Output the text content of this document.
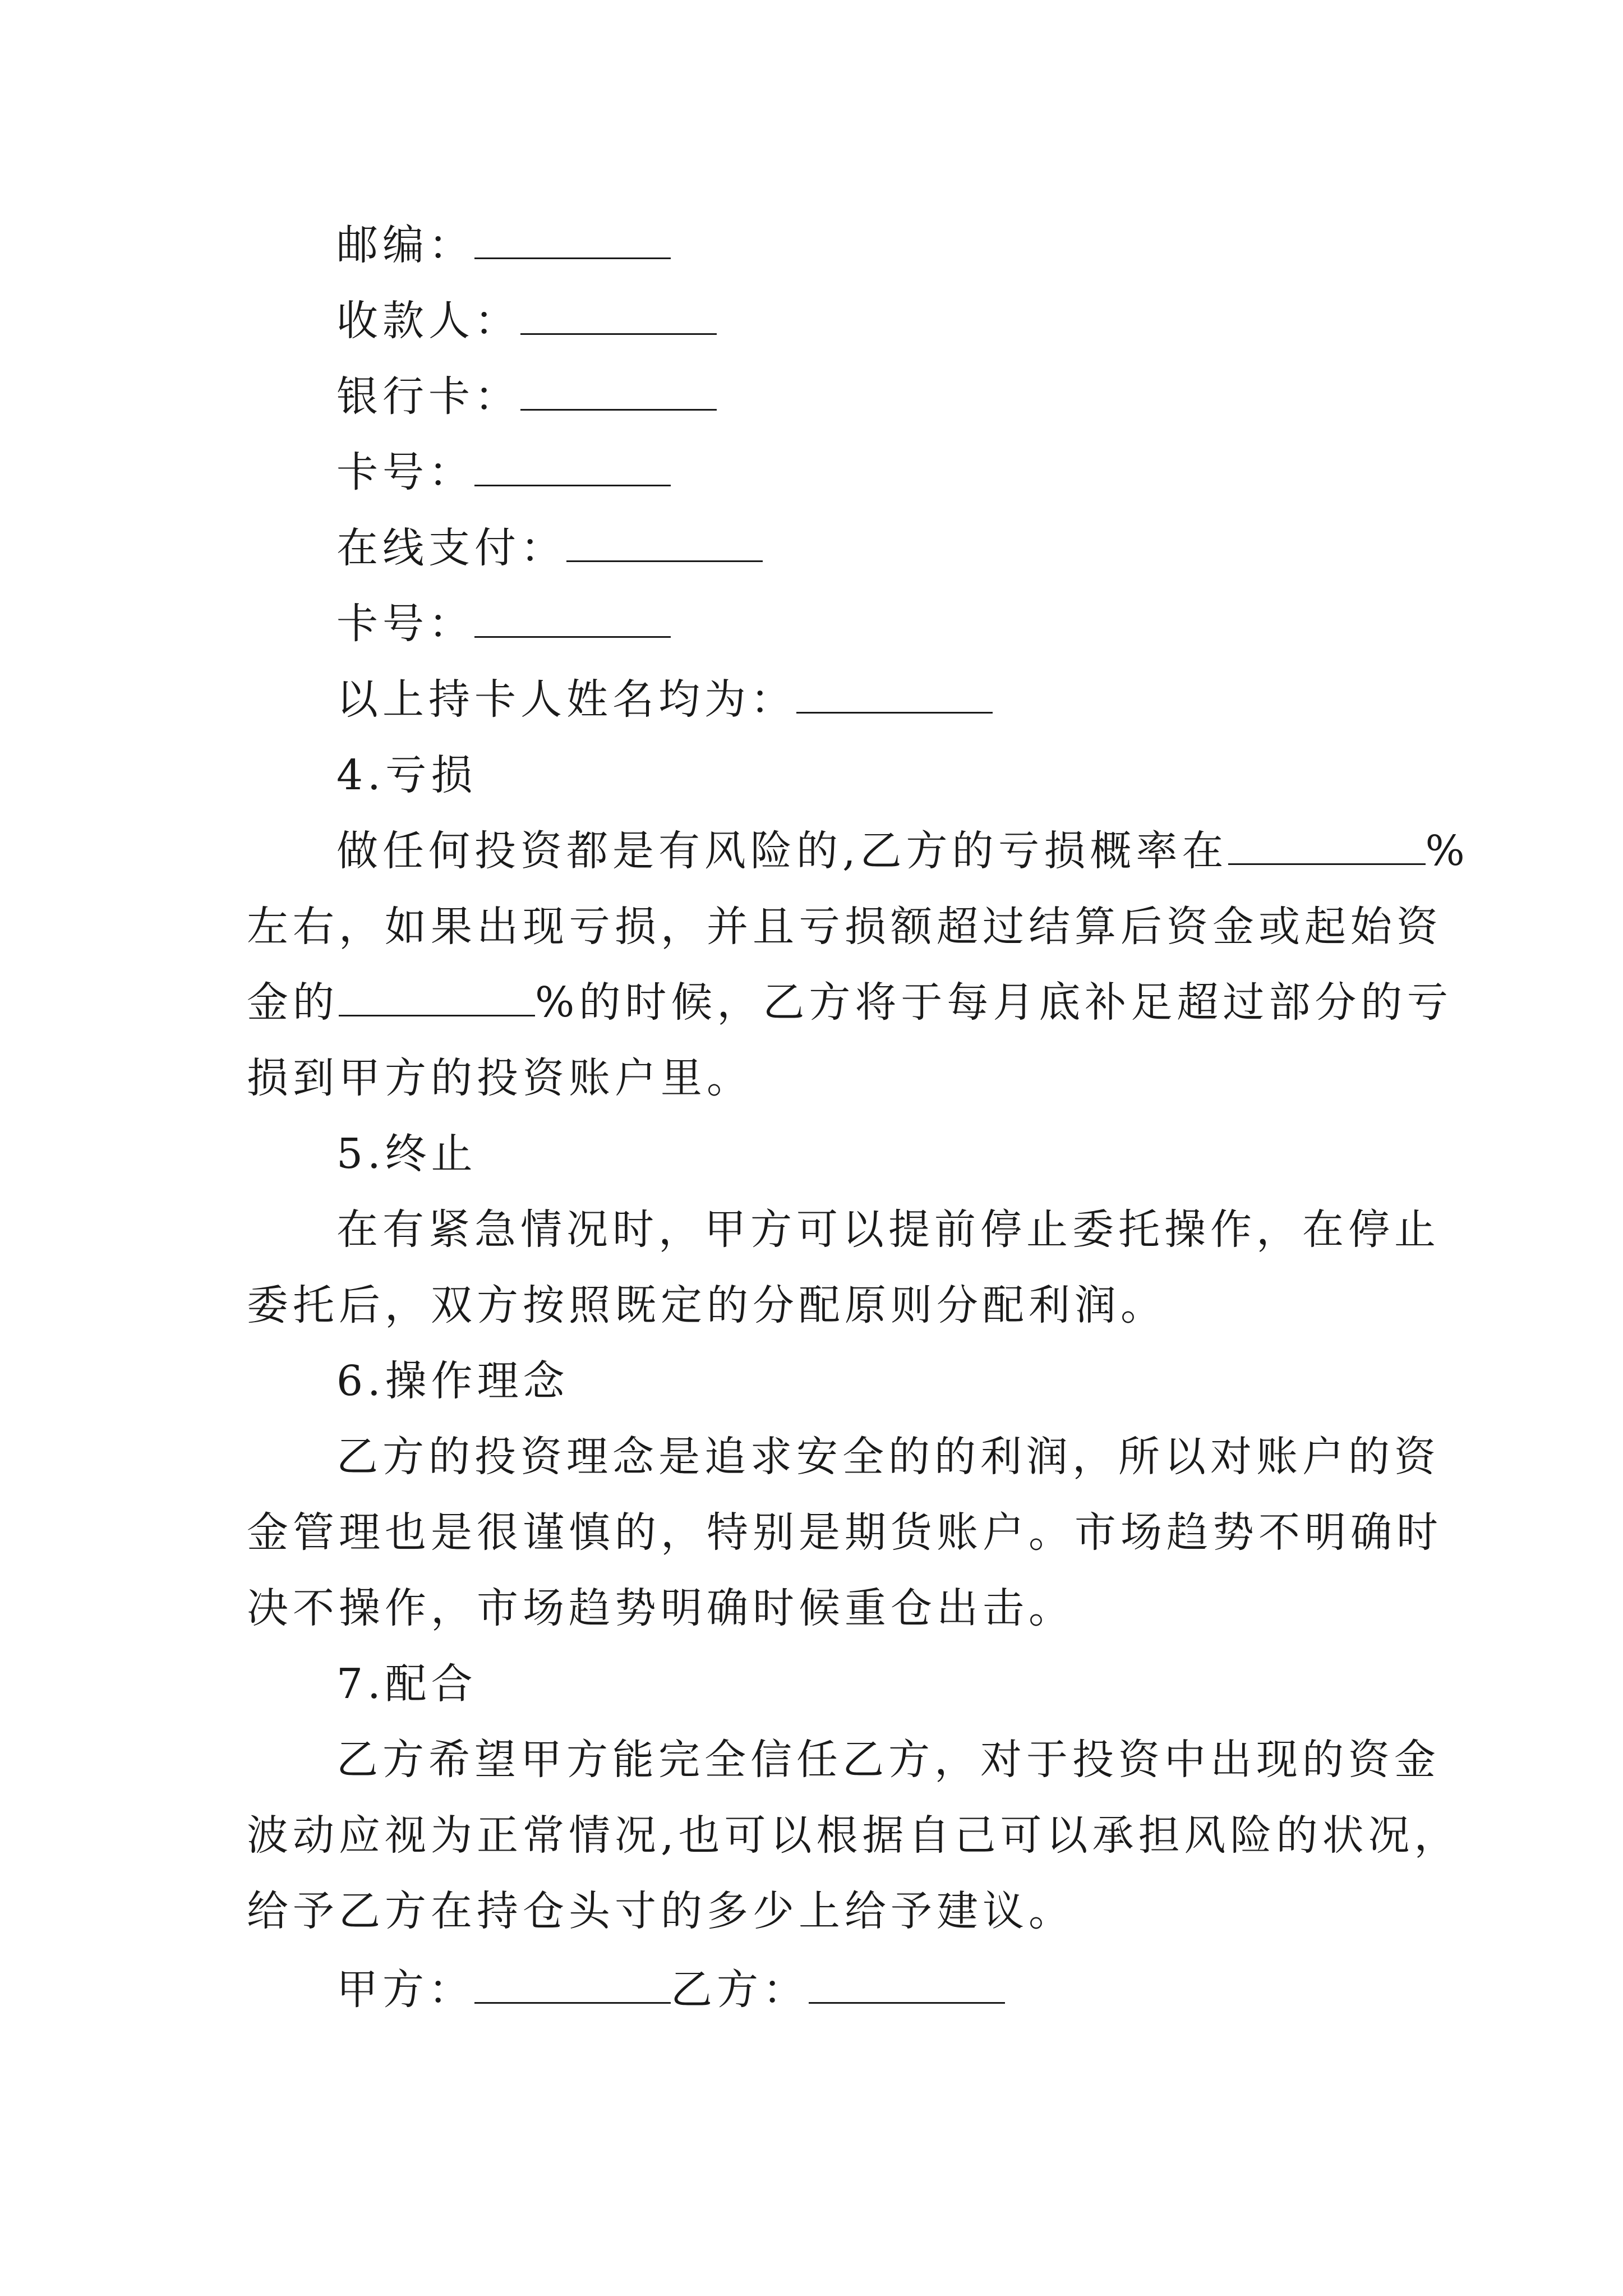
邮编：
收款人：
银行卡：
卡号：
在线支付：
卡号：
以上持卡人姓名均为：
4.亏损
做任何投资都是有风险的,乙方的亏损概率在	%
左右，如果出现亏损，并且亏损额超过结算后资金或起始资
金的	%的时候，乙方将于每月底补足超过部分的亏
损到甲方的投资账户里。
5.终止
在有紧急情况时，甲方可以提前停止委托操作，在停止
委托后，双方按照既定的分配原则分配利润。
6.操作理念
乙方的投资理念是追求安全的的利润，所以对账户的资
金管理也是很谨慎的，特别是期货账户。市场趋势不明确时
决不操作，市场趋势明确时候重仓出击。
7.配合
乙方希望甲方能完全信任乙方，对于投资中出现的资金
波动应视为正常情况,也可以根据自己可以承担风险的状况，
给予乙方在持仓头寸的多少上给予建议。
甲方：	乙方：
